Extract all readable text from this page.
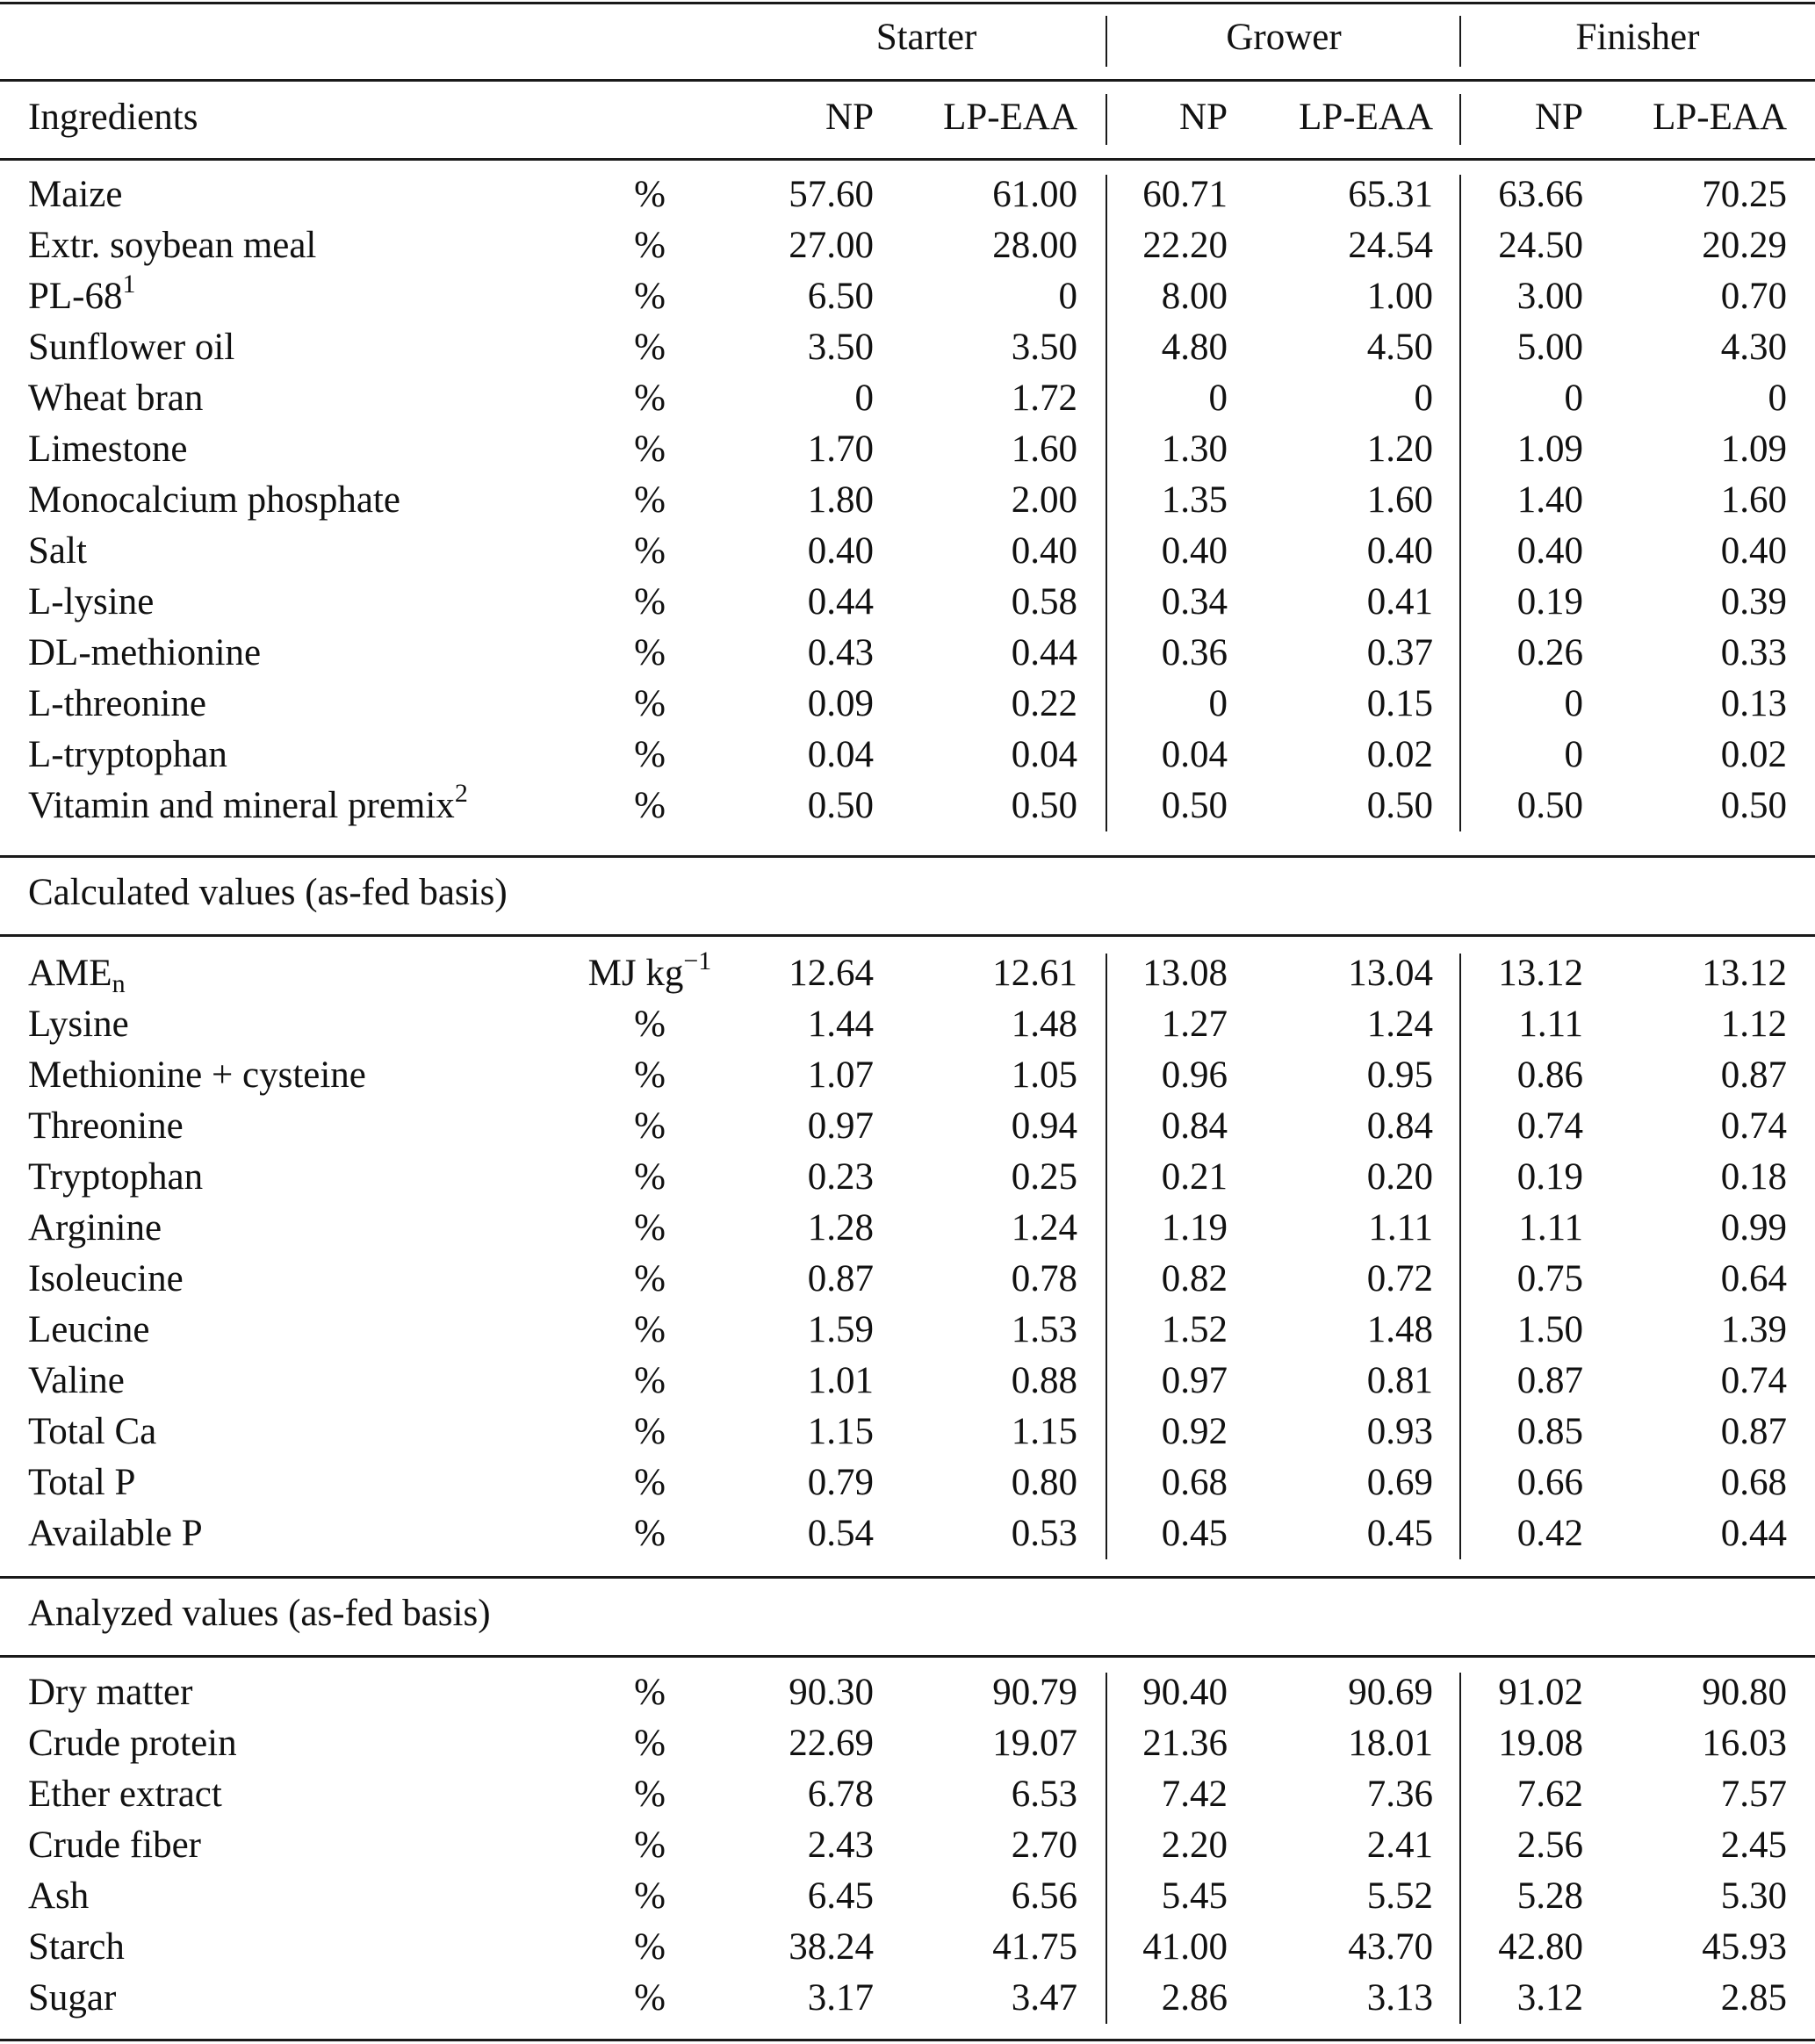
Starter	Grower	Finisher
Ingredients	NP	LP-EAA	NP	LP-EAA	NP	LP-EAA
Maize	%	57.60	61.00	60.71	65.31	63.66	70.25
Extr. soybean meal	%	27.00	28.00	22.20	24.54	24.50	20.29
$PL-68^1$	%	6.50	0	8.00	1.00	3.00	0.70
Sunflower oil	%	3.50	3.50	4.80	4.50	5.00	4.30
Wheat bran	%	0	1.72	0	0	0	0
Limestone	%	1.70	1.60	1.30	1.20	1.09	1.09
Monocalcium phosphate	%	1.80	2.00	1.35	1.60	1.40	1.60
Salt	%	0.40	0.40	0.40	0.40	0.40	0.40
L-lysine	%	0.44	0.58	0.34	0.41	0.19	0.39
DL-methionine	%	0.43	0.44	0.36	0.37	0.26	0.33
L-threonine	%	0.09	0.22	0	0.15	0	0.13
L-tryptophan	%	0.04	0.04	0.04	0.02	0	0.02
Vitamin and mineral premix$^2$	%	0.50	0.50	0.50	0.50	0.50	0.50
Calculated values (as-fed basis)
$AME_n$	MJ $kg^{-1}$	12.64	12.61	13.08	13.04	13.12	13.12
Lysine	%	1.44	1.48	1.27	1.24	1.11	1.12
Methionine + cysteine	%	1.07	1.05	0.96	0.95	0.86	0.87
Threonine	%	0.97	0.94	0.84	0.84	0.74	0.74
Tryptophan	%	0.23	0.25	0.21	0.20	0.19	0.18
Arginine	%	1.28	1.24	1.19	1.11	1.11	0.99
Isoleucine	%	0.87	0.78	0.82	0.72	0.75	0.64
Leucine	%	1.59	1.53	1.52	1.48	1.50	1.39
Valine	%	1.01	0.88	0.97	0.81	0.87	0.74
Total Ca	%	1.15	1.15	0.92	0.93	0.85	0.87
Total P	%	0.79	0.80	0.68	0.69	0.66	0.68
Available P	%	0.54	0.53	0.45	0.45	0.42	0.44
Analyzed values (as-fed basis)
Dry matter	%	90.30	90.79	90.40	90.69	91.02	90.80
Crude protein	%	22.69	19.07	21.36	18.01	19.08	16.03
Ether extract	%	6.78	6.53	7.42	7.36	7.62	7.57
Crude fiber	%	2.43	2.70	2.20	2.41	2.56	2.45
Ash	%	6.45	6.56	5.45	5.52	5.28	5.30
Starch	%	38.24	41.75	41.00	43.70	42.80	45.93
Sugar	%	3.17	3.47	2.86	3.13	3.12	2.85
